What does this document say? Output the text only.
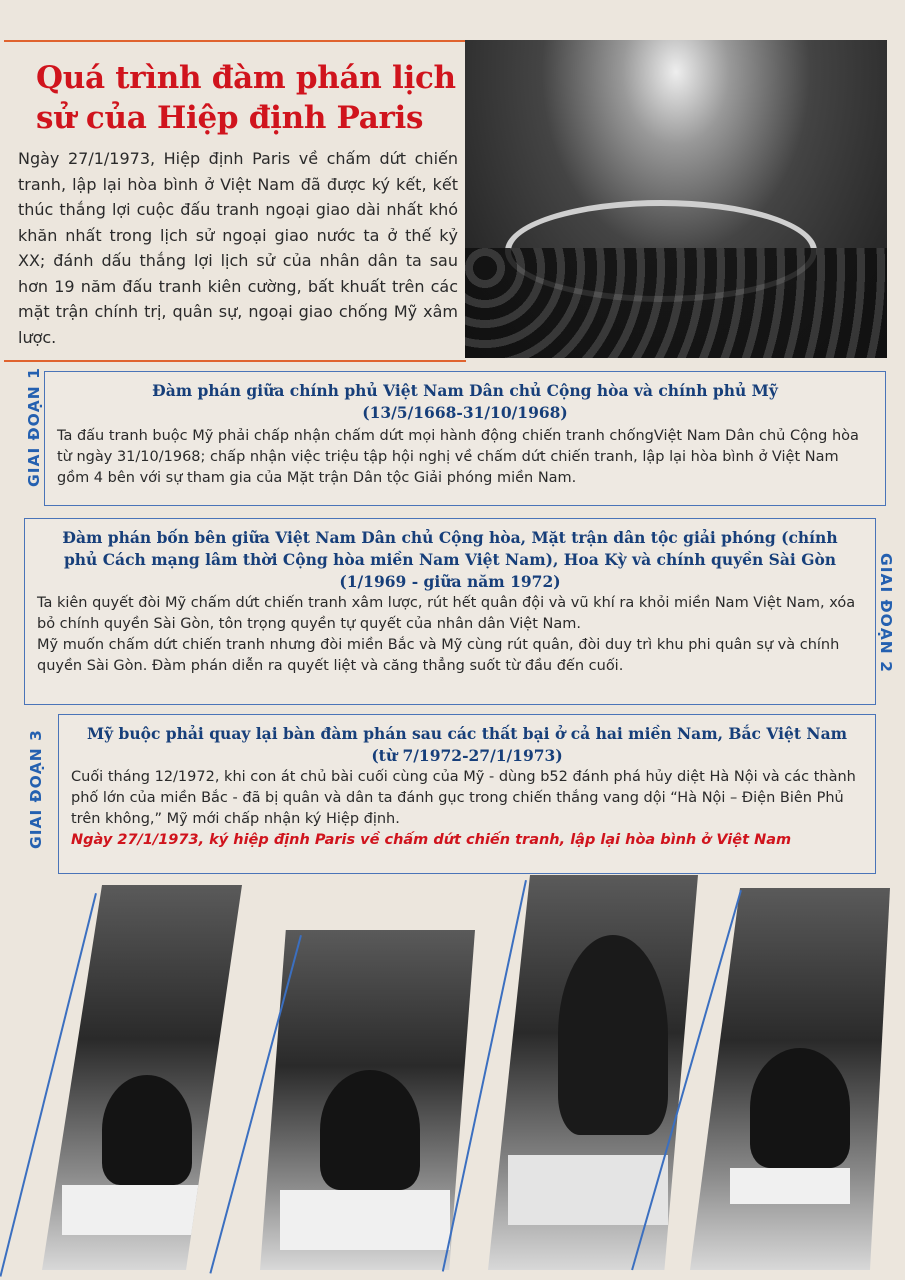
Quá trình đàm phán lịch sử của Hiệp định Paris

Ngày 27/1/1973, Hiệp định Paris về chấm dứt chiến tranh, lập lại hòa bình ở Việt Nam đã được ký kết, kết thúc thắng lợi cuộc đấu tranh ngoại giao dài nhất khó khăn nhất trong lịch sử ngoại giao nước ta ở thế kỷ XX; đánh dấu thắng lợi lịch sử của nhân dân ta sau hơn 19 năm đấu tranh kiên cường, bất khuất trên các mặt trận chính trị, quân sự, ngoại giao chống Mỹ xâm lược.

GIAI ĐOẠN 1	Đàm phán giữa chính phủ Việt Nam Dân chủ Cộng hòa và chính phủ Mỹ

(13/5/1668-31/10/1968)

Ta đấu tranh buộc Mỹ phải chấp nhận chấm dứt mọi hành động chiến tranh chốngViệt Nam Dân chủ Cộng hòa từ ngày 31/10/1968; chấp nhận việc triệu tập hội nghị về chấm dứt chiến tranh, lập lại hòa bình ở Việt Nam gồm 4 bên với sự tham gia của Mặt trận Dân tộc Giải phóng miền Nam.

Đàm phán bốn bên giữa Việt Nam Dân chủ Cộng hòa, Mặt trận dân tộc giải phóng (chính phủ Cách mạng lâm thời Cộng hòa miền Nam Việt Nam), Hoa Kỳ và chính quyền Sài Gòn

(1/1969 - giữa năm 1972)

Ta kiên quyết đòi Mỹ chấm dứt chiến tranh xâm lược, rút hết quân đội và vũ khí ra khỏi miền Nam Việt Nam, xóa bỏ chính quyền Sài Gòn, tôn trọng quyền tự quyết của nhân dân Việt Nam.

Mỹ muốn chấm dứt chiến tranh nhưng đòi miền Bắc và Mỹ cùng rút quân, đòi duy trì khu phi quân sự và chính quyền Sài Gòn. Đàm phán diễn ra quyết liệt và căng thẳng suốt từ đầu đến cuối.	GIAI ĐOẠN 2
GIAI ĐOẠN 3	Mỹ buộc phải quay lại bàn đàm phán sau các thất bại ở cả hai miền Nam, Bắc Việt Nam

(từ 7/1972-27/1/1973)

Cuối tháng 12/1972, khi con át chủ bài cuối cùng của Mỹ - dùng b52 đánh phá hủy diệt Hà Nội và các thành phố lớn của miền Bắc - đã bị quân và dân ta đánh gục trong chiến thắng vang dội “Hà Nội – Điện Biên Phủ trên không,” Mỹ mới chấp nhận ký Hiệp định.

Ngày 27/1/1973, ký hiệp định Paris về chấm dứt chiến tranh, lập lại hòa bình ở Việt Nam
